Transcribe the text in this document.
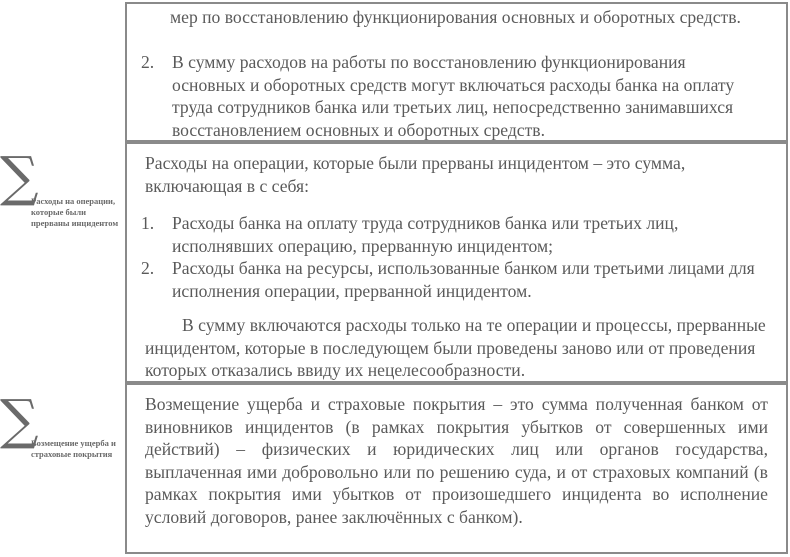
мер по восстановлению функционирования основных и оборотных средств.
2. В сумму расходов на работы по восстановлению функционирования основных и оборотных средств могут включаться расходы банка на оплату труда сотрудников банка или третьих лиц, непосредственно занимавшихся восстановлением основных и оборотных средств.
∑
Расходы на операции, которые были прерваны инцидентом
Расходы на операции, которые были прерваны инцидентом – это сумма, включающая в с себя:
1. Расходы банка на оплату труда сотрудников банка или третьих лиц, исполнявших операцию, прерванную инцидентом;
2. Расходы банка на ресурсы, использованные банком или третьими лицами для исполнения операции, прерванной инцидентом.
В сумму включаются расходы только на те операции и процессы, прерванные инцидентом, которые в последующем были проведены заново или от проведения которых отказались ввиду их нецелесообразности.
∑
Возмещение ущерба и страховые покрытия
Возмещение ущерба и страховые покрытия – это сумма полученная банком от виновников инцидентов (в рамках покрытия убытков от совершенных ими действий) – физических и юридических лиц или органов государства, выплаченная ими добровольно или по решению суда, и от страховых компаний (в рамках покрытия ими убытков от произошедшего инцидента во исполнение условий договоров, ранее заключённых с банком).
